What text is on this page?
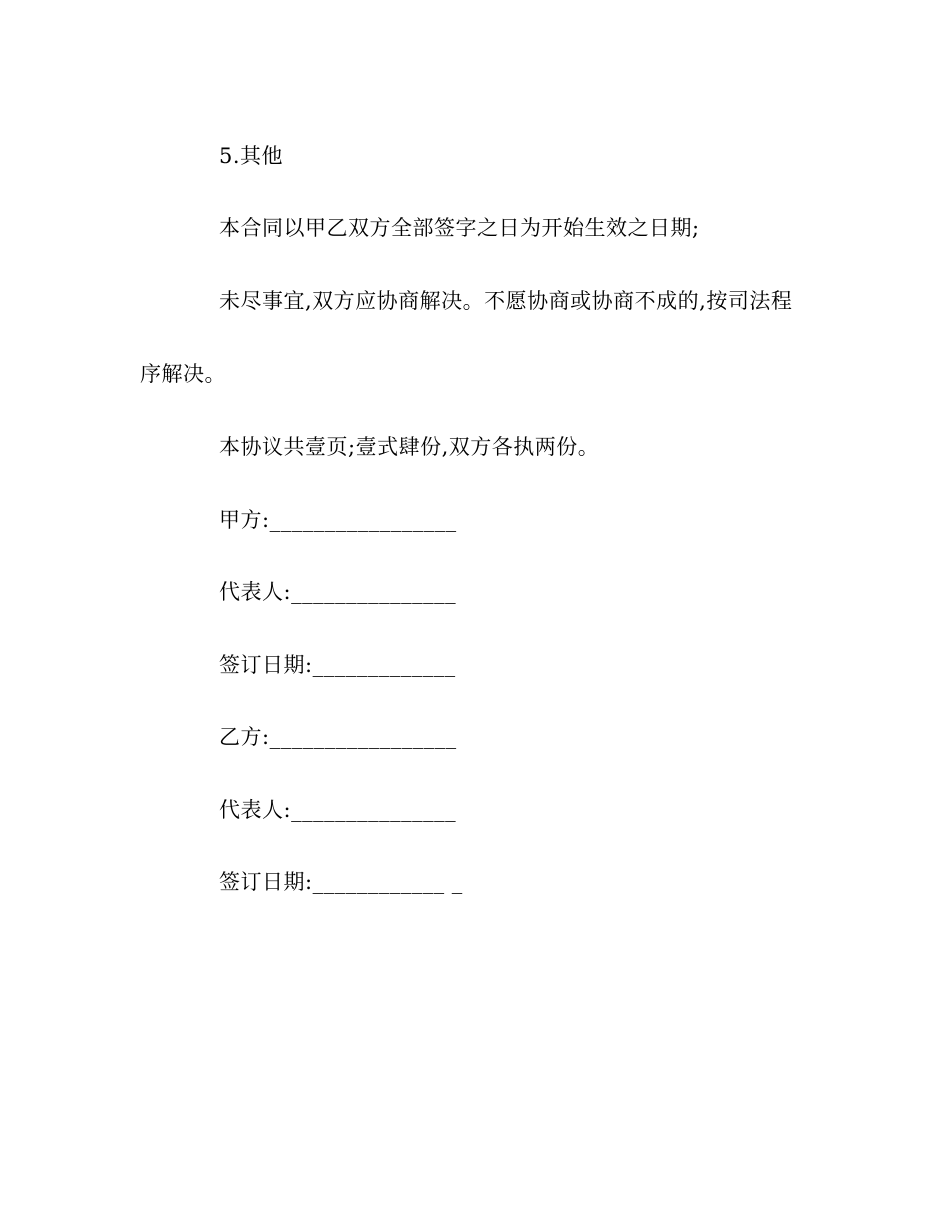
5.其他
本合同以甲乙双方全部签字之日为开始生效之日期;
未尽事宜,双方应协商解决。不愿协商或协商不成的,按司法程
序解决。
本协议共壹页;壹式肆份,双方各执两份。
甲方:_________________
代表人:_______________
签订日期:_____________
乙方:_________________
代表人:_______________
签订日期:____________ _
